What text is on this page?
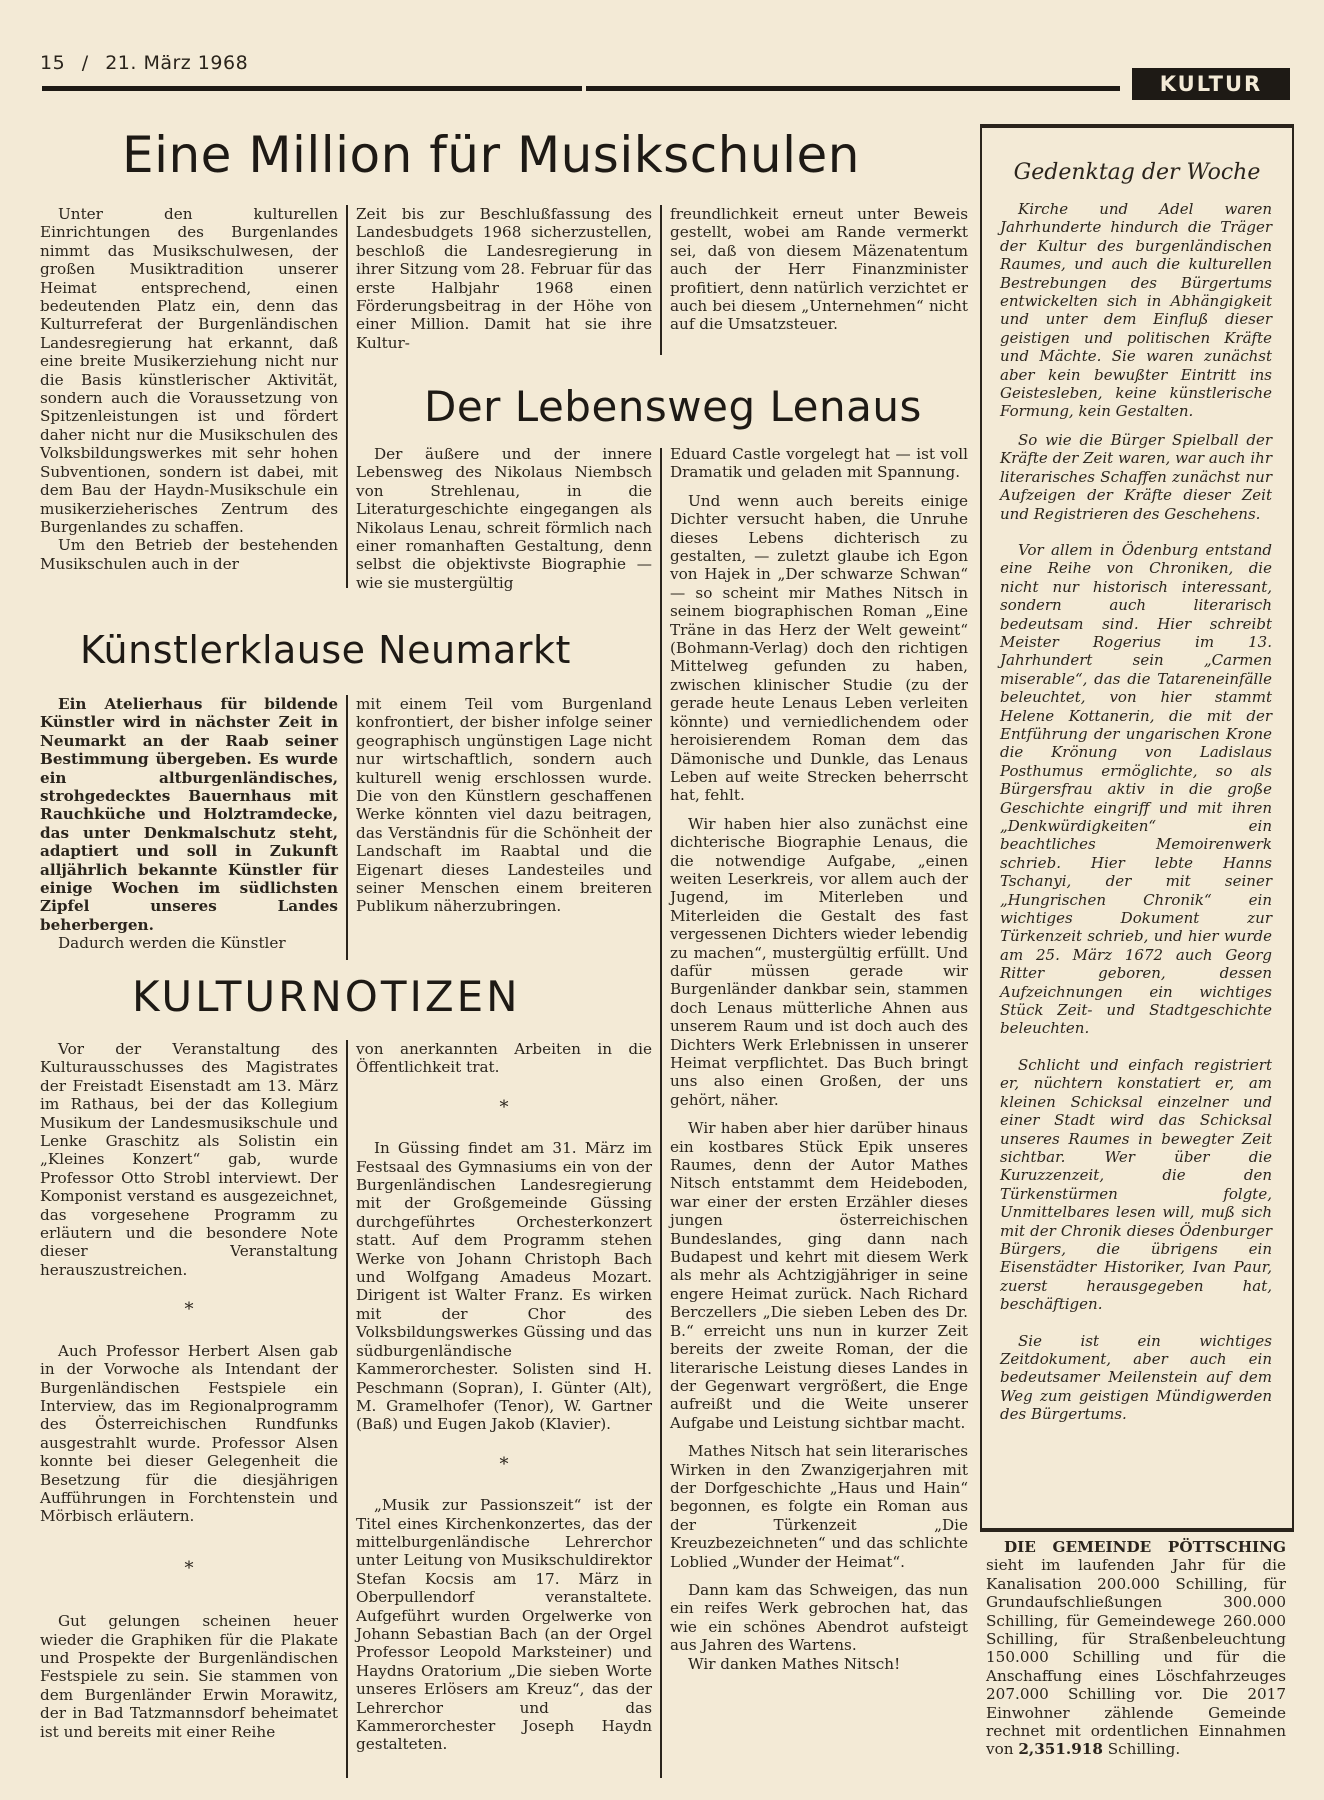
15 / 21. März 1968
KULTUR
Eine Million für Musikschulen

Unter den kulturellen Einrichtungen des Burgenlandes nimmt das Musikschulwesen, der großen Musiktradition unserer Heimat entsprechend, einen bedeutenden Platz ein, denn das Kulturreferat der Burgenländischen Landesregierung hat erkannt, daß eine breite Musikerziehung nicht nur die Basis künstlerischer Aktivität, sondern auch die Voraussetzung von Spitzenleistungen ist und fördert daher nicht nur die Musikschulen des Volksbildungswerkes mit sehr hohen Subventionen, sondern ist dabei, mit dem Bau der Haydn-Musikschule ein musikerzieherisches Zentrum des Burgenlandes zu schaffen.

Um den Betrieb der bestehenden Musikschulen auch in der

Zeit bis zur Beschlußfassung des Landesbudgets 1968 sicherzustellen, beschloß die Landesregierung in ihrer Sitzung vom 28. Februar für das erste Halbjahr 1968 einen Förderungsbeitrag in der Höhe von einer Million. Damit hat sie ihre Kultur-

freundlichkeit erneut unter Beweis gestellt, wobei am Rande vermerkt sei, daß von diesem Mäzenatentum auch der Herr Finanzminister profitiert, denn natürlich verzichtet er auch bei diesem „Unternehmen“ nicht auf die Umsatzsteuer.

Der Lebensweg Lenaus

Der äußere und der innere Lebensweg des Nikolaus Niembsch von Strehlenau, in die Literaturgeschichte eingegangen als Nikolaus Lenau, schreit förmlich nach einer romanhaften Gestaltung, denn selbst die objektivste Biographie — wie sie mustergültig

Eduard Castle vorgelegt hat — ist voll Dramatik und geladen mit Spannung.

Und wenn auch bereits einige Dichter versucht haben, die Unruhe dieses Lebens dichterisch zu gestalten, — zuletzt glaube ich Egon von Hajek in „Der schwarze Schwan“ — so scheint mir Mathes Nitsch in seinem biographischen Roman „Eine Träne in das Herz der Welt geweint“ (Bohmann-Verlag) doch den richtigen Mittelweg gefunden zu haben, zwischen klinischer Studie (zu der gerade heute Lenaus Leben verleiten könnte) und verniedlichendem oder heroisierendem Roman dem das Dämonische und Dunkle, das Lenaus Leben auf weite Strecken beherrscht hat, fehlt.

Wir haben hier also zunächst eine dichterische Biographie Lenaus, die die notwendige Aufgabe, „einen weiten Leserkreis, vor allem auch der Jugend, im Miterleben und Miterleiden die Gestalt des fast vergessenen Dichters wieder lebendig zu machen“, mustergültig erfüllt. Und dafür müssen gerade wir Burgenländer dankbar sein, stammen doch Lenaus mütterliche Ahnen aus unserem Raum und ist doch auch des Dichters Werk Erlebnissen in unserer Heimat verpflichtet. Das Buch bringt uns also einen Großen, der uns gehört, näher.

Wir haben aber hier darüber hinaus ein kostbares Stück Epik unseres Raumes, denn der Autor Mathes Nitsch entstammt dem Heideboden, war einer der ersten Erzähler dieses jungen österreichischen Bundeslandes, ging dann nach Budapest und kehrt mit diesem Werk als mehr als Achtzigjähriger in seine engere Heimat zurück. Nach Richard Berczellers „Die sieben Leben des Dr. B.“ erreicht uns nun in kurzer Zeit bereits der zweite Roman, der die literarische Leistung dieses Landes in der Gegenwart vergrößert, die Enge aufreißt und die Weite unserer Aufgabe und Leistung sichtbar macht.

Mathes Nitsch hat sein literarisches Wirken in den Zwanzigerjahren mit der Dorfgeschichte „Haus und Hain“ begonnen, es folgte ein Roman aus der Türkenzeit „Die Kreuzbezeichneten“ und das schlichte Loblied „Wunder der Heimat“.

Dann kam das Schweigen, das nun ein reifes Werk gebrochen hat, das wie ein schönes Abendrot aufsteigt aus Jahren des Wartens.

Wir danken Mathes Nitsch!

Künstlerklause Neumarkt

Ein Atelierhaus für bildende Künstler wird in nächster Zeit in Neumarkt an der Raab seiner Bestimmung übergeben. Es wurde ein altburgenländisches, strohgedecktes Bauernhaus mit Rauchküche und Holztramdecke, das unter Denkmalschutz steht, adaptiert und soll in Zukunft alljährlich bekannte Künstler für einige Wochen im südlichsten Zipfel unseres Landes beherbergen.

Dadurch werden die Künstler

mit einem Teil vom Burgenland konfrontiert, der bisher infolge seiner geographisch ungünstigen Lage nicht nur wirtschaftlich, sondern auch kulturell wenig erschlossen wurde. Die von den Künstlern geschaffenen Werke könnten viel dazu beitragen, das Verständnis für die Schönheit der Landschaft im Raabtal und die Eigenart dieses Landesteiles und seiner Menschen einem breiteren Publikum näherzubringen.

KULTURNOTIZEN

Vor der Veranstaltung des Kulturausschusses des Magistrates der Freistadt Eisenstadt am 13. März im Rathaus, bei der das Kollegium Musikum der Landesmusikschule und Lenke Graschitz als Solistin ein „Kleines Konzert“ gab, wurde Professor Otto Strobl interviewt. Der Komponist verstand es ausgezeichnet, das vorgesehene Programm zu erläutern und die besondere Note dieser Veranstaltung herauszustreichen.

*

Auch Professor Herbert Alsen gab in der Vorwoche als Intendant der Burgenländischen Festspiele ein Interview, das im Regionalprogramm des Österreichischen Rundfunks ausgestrahlt wurde. Professor Alsen konnte bei dieser Gelegenheit die Besetzung für die diesjährigen Aufführungen in Forchtenstein und Mörbisch erläutern.

*

Gut gelungen scheinen heuer wieder die Graphiken für die Plakate und Prospekte der Burgenländischen Festspiele zu sein. Sie stammen von dem Burgenländer Erwin Morawitz, der in Bad Tatzmannsdorf beheimatet ist und bereits mit einer Reihe

von anerkannten Arbeiten in die Öffentlichkeit trat.

*

In Güssing findet am 31. März im Festsaal des Gymnasiums ein von der Burgenländischen Landesregierung mit der Großgemeinde Güssing durchgeführtes Orchesterkonzert statt. Auf dem Programm stehen Werke von Johann Christoph Bach und Wolfgang Amadeus Mozart. Dirigent ist Walter Franz. Es wirken mit der Chor des Volksbildungswerkes Güssing und das südburgenländische Kammerorchester. Solisten sind H. Peschmann (Sopran), I. Günter (Alt), M. Gramelhofer (Tenor), W. Gartner (Baß) und Eugen Jakob (Klavier).

*

„Musik zur Passionszeit“ ist der Titel eines Kirchenkonzertes, das der mittelburgenländische Lehrerchor unter Leitung von Musikschuldirektor Stefan Kocsis am 17. März in Oberpullendorf veranstaltete. Aufgeführt wurden Orgelwerke von Johann Sebastian Bach (an der Orgel Professor Leopold Marksteiner) und Haydns Oratorium „Die sieben Worte unseres Erlösers am Kreuz“, das der Lehrerchor und das Kammerorchester Joseph Haydn gestalteten.

Gedenktag der Woche

Kirche und Adel waren Jahrhunderte hindurch die Träger der Kultur des burgenländischen Raumes, und auch die kulturellen Bestrebungen des Bürgertums entwickelten sich in Abhängigkeit und unter dem Einfluß dieser geistigen und politischen Kräfte und Mächte. Sie waren zunächst aber kein bewußter Eintritt ins Geistesleben, keine künstlerische Formung, kein Gestalten.

So wie die Bürger Spielball der Kräfte der Zeit waren, war auch ihr literarisches Schaffen zunächst nur Aufzeigen der Kräfte dieser Zeit und Registrieren des Geschehens.

Vor allem in Ödenburg entstand eine Reihe von Chroniken, die nicht nur historisch interessant, sondern auch literarisch bedeutsam sind. Hier schreibt Meister Rogerius im 13. Jahrhundert sein „Carmen miserable“, das die Tatareneinfälle beleuchtet, von hier stammt Helene Kottanerin, die mit der Entführung der ungarischen Krone die Krönung von Ladislaus Posthumus ermöglichte, so als Bürgersfrau aktiv in die große Geschichte eingriff und mit ihren „Denkwürdigkeiten“ ein beachtliches Memoirenwerk schrieb. Hier lebte Hanns Tschanyi, der mit seiner „Hungrischen Chronik“ ein wichtiges Dokument zur Türkenzeit schrieb, und hier wurde am 25. März 1672 auch Georg Ritter geboren, dessen Aufzeichnungen ein wichtiges Stück Zeit- und Stadtgeschichte beleuchten.

Schlicht und einfach registriert er, nüchtern konstatiert er, am kleinen Schicksal einzelner und einer Stadt wird das Schicksal unseres Raumes in bewegter Zeit sichtbar. Wer über die Kuruzzenzeit, die den Türkenstürmen folgte, Unmittelbares lesen will, muß sich mit der Chronik dieses Ödenburger Bürgers, die übrigens ein Eisenstädter Historiker, Ivan Paur, zuerst herausgegeben hat, beschäftigen.

Sie ist ein wichtiges Zeitdokument, aber auch ein bedeutsamer Meilenstein auf dem Weg zum geistigen Mündigwerden des Bürgertums.

DIE GEMEINDE PÖTTSCHING sieht im laufenden Jahr für die Kanalisation 200.000 Schilling, für Grundaufschließungen 300.000 Schilling, für Gemeindewege 260.000 Schilling, für Straßenbeleuchtung 150.000 Schilling und für die Anschaffung eines Löschfahrzeuges 207.000 Schilling vor. Die 2017 Einwohner zählende Gemeinde rechnet mit ordentlichen Einnahmen von 2,351.918 Schilling.
